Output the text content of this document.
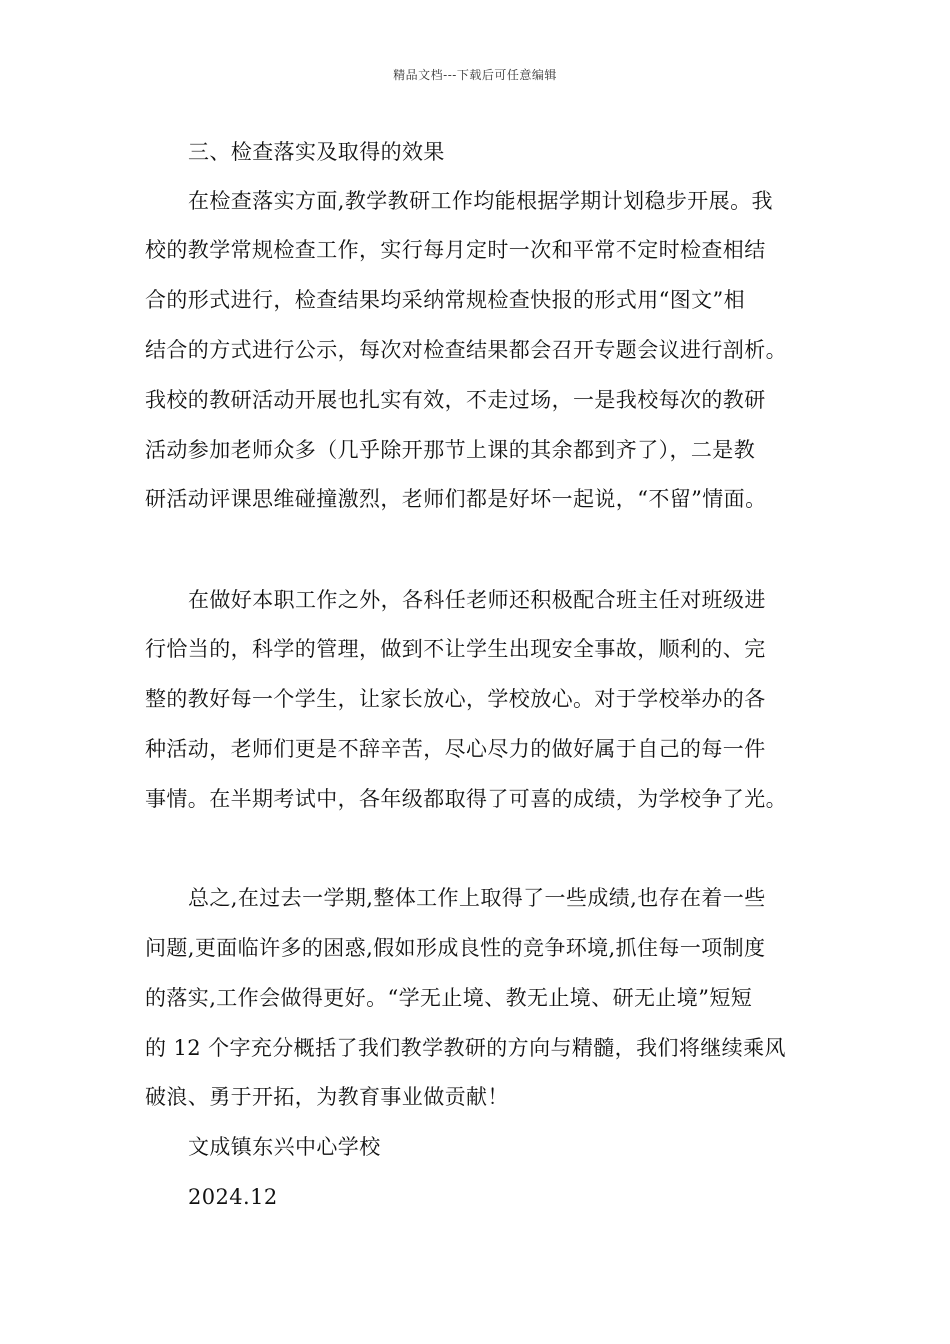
精品文档---下载后可任意编辑

三、检查落实及取得的效果

在检查落实方面,教学教研工作均能根据学期计划稳步开展。我

校的教学常规检查工作，实行每月定时一次和平常不定时检查相结

合的形式进行，检查结果均采纳常规检查快报的形式用“图文”相

结合的方式进行公示，每次对检查结果都会召开专题会议进行剖析。

我校的教研活动开展也扎实有效，不走过场，一是我校每次的教研

活动参加老师众多（几乎除开那节上课的其余都到齐了），二是教

研活动评课思维碰撞激烈，老师们都是好坏一起说，“不留”情面。

在做好本职工作之外，各科任老师还积极配合班主任对班级进

行恰当的，科学的管理，做到不让学生出现安全事故，顺利的、完

整的教好每一个学生，让家长放心，学校放心。对于学校举办的各

种活动，老师们更是不辞辛苦，尽心尽力的做好属于自己的每一件

事情。在半期考试中，各年级都取得了可喜的成绩，为学校争了光。

总之,在过去一学期,整体工作上取得了一些成绩,也存在着一些

问题,更面临许多的困惑,假如形成良性的竞争环境,抓住每一项制度

的落实,工作会做得更好。“学无止境、教无止境、研无止境”短短

的 12 个字充分概括了我们教学教研的方向与精髓，我们将继续乘风

破浪、勇于开拓，为教育事业做贡献！

文成镇东兴中心学校

2024.12
